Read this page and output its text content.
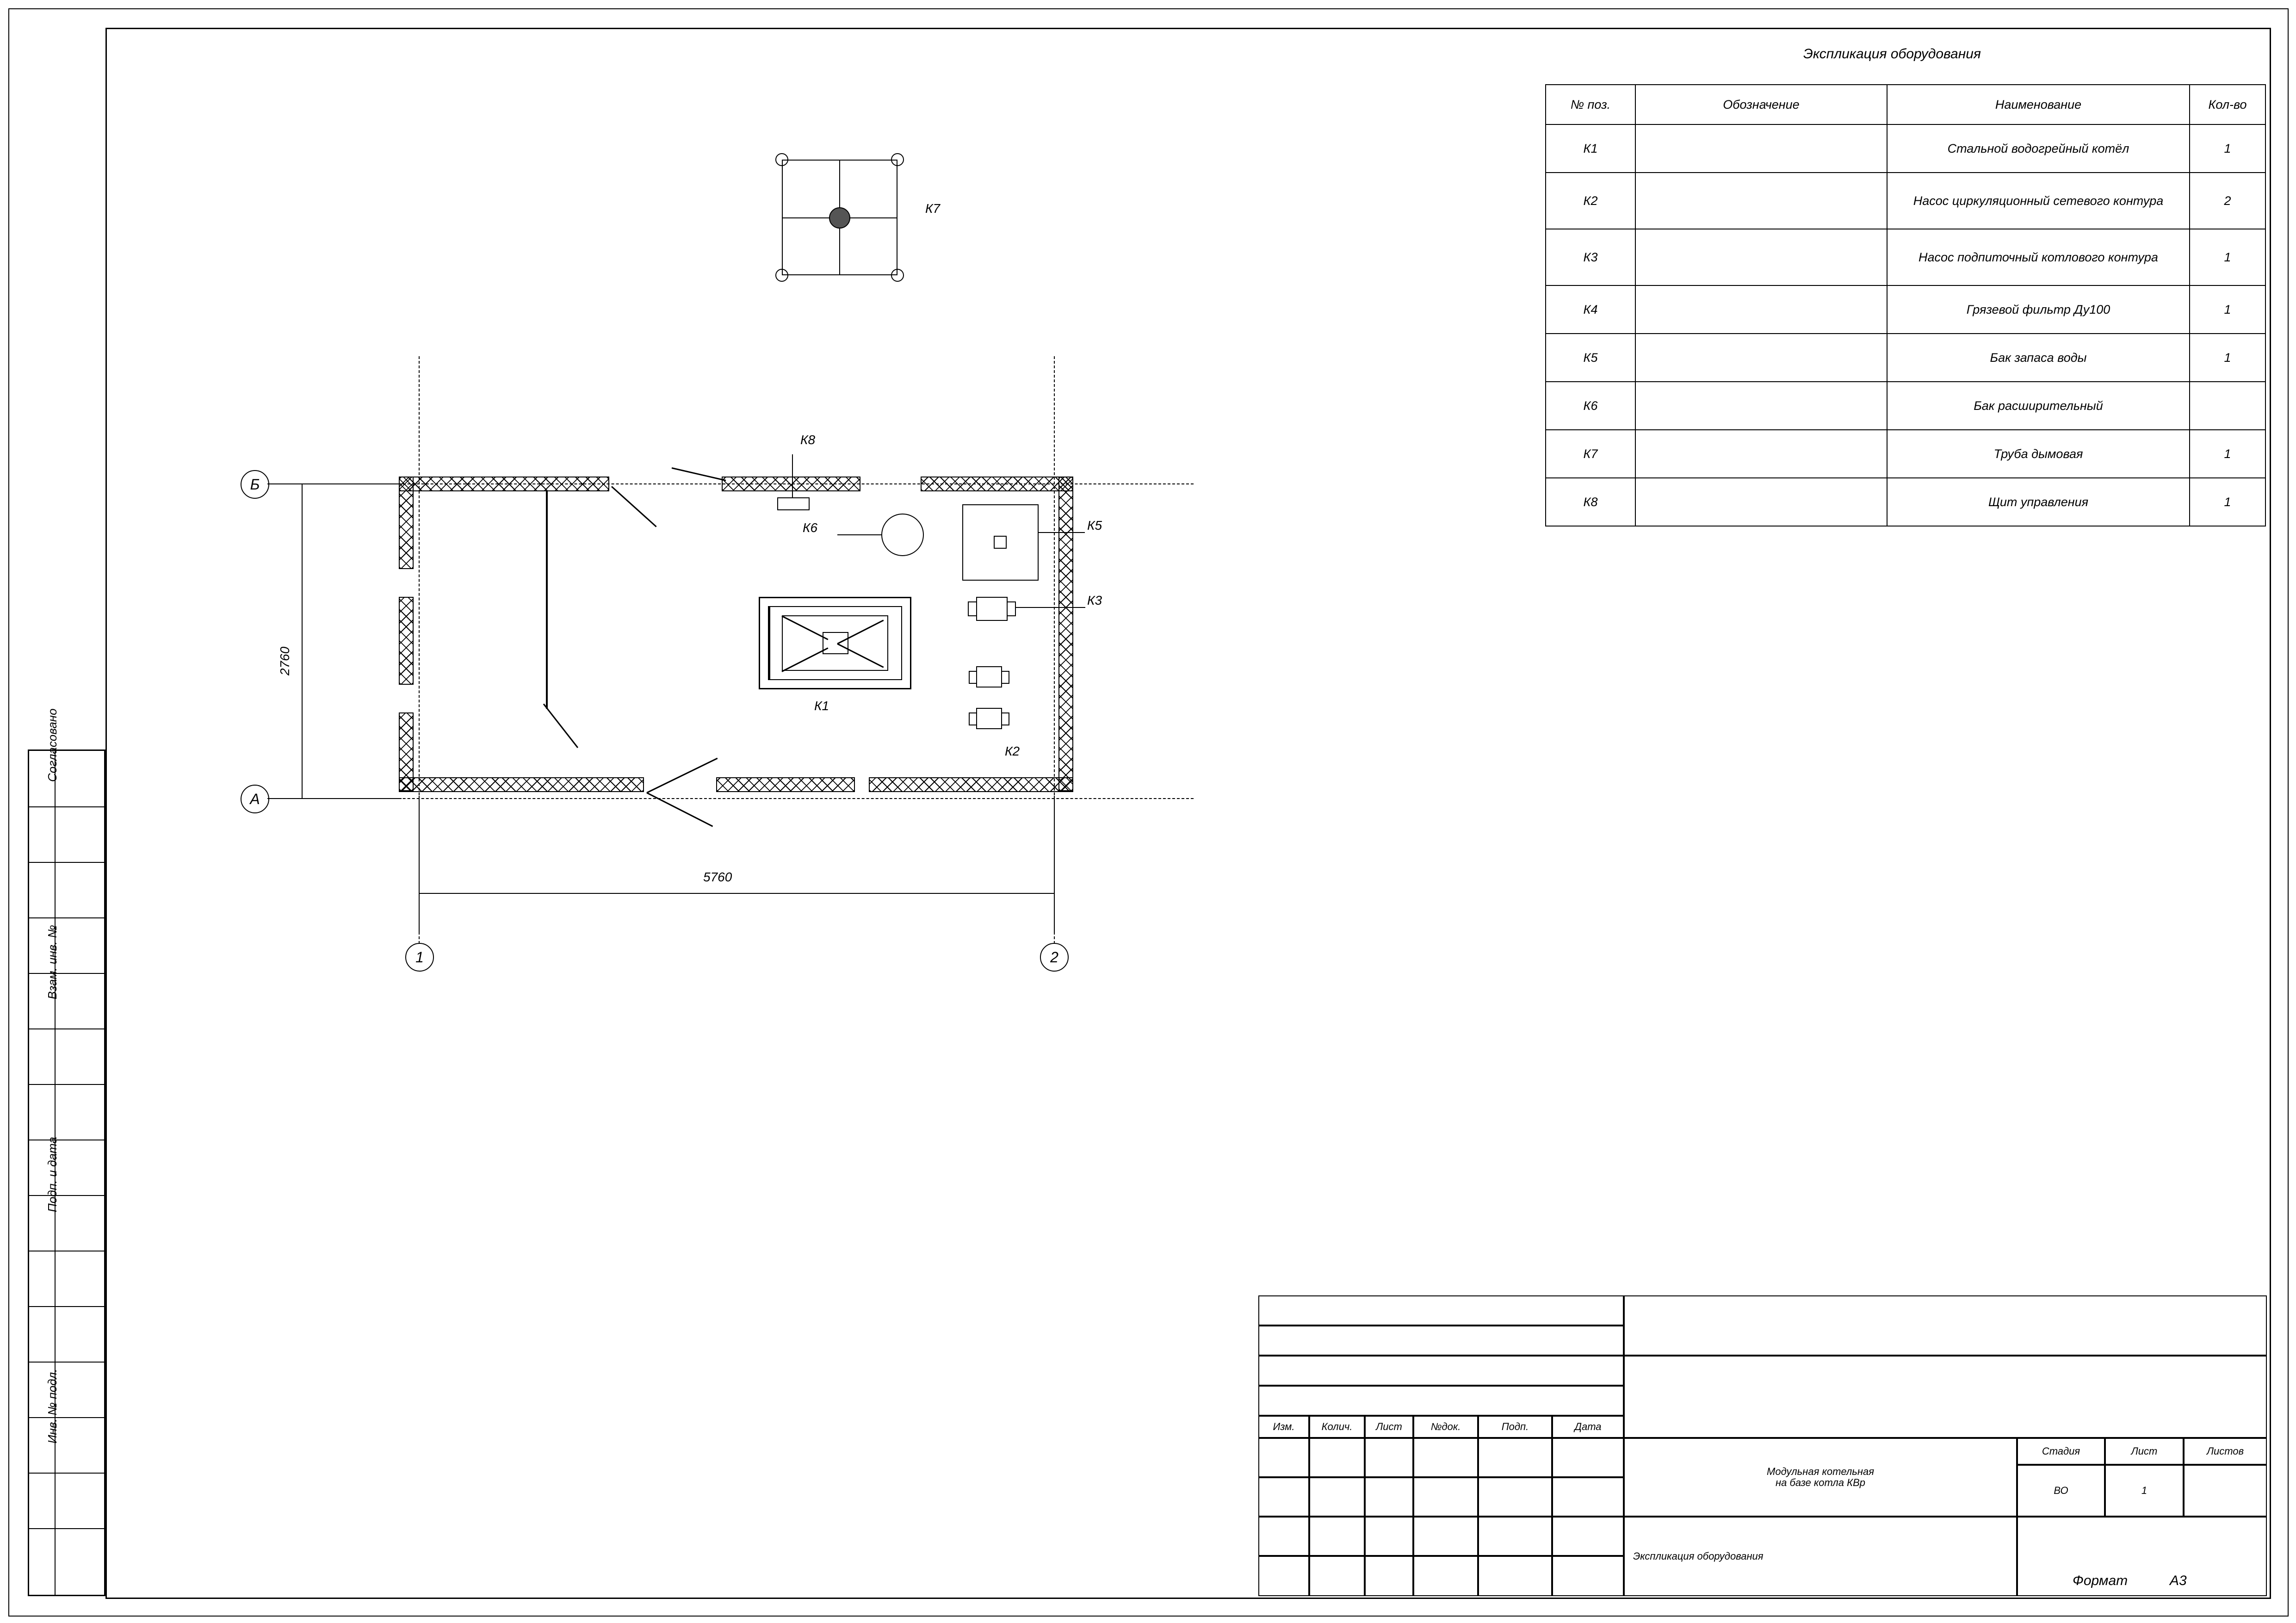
Согласовано
Взам. инв. №
Подп. и дата
Инв. № подл.
Экспликация оборудования
№ поз.	Обозначение	Наименование	Кол-во
К1		Стальной водогрейный котёл	1
К2		Насос циркуляционный сетевого контура	2
К3		Насос подпиточный котлового контура	1
К4		Грязевой фильтр Ду100	1
К5		Бак запаса воды	1
К6		Бак расширительный	
К7		Труба дымовая	1
К8		Щит управления	1
К7
К8
К6	К5
К1
К3
К2
Б
А
1	2
2760
5760
Изм.	Колич.	Лист	№док.	Подп.	Дата
Модульная котельная
на базе котла КВр
Стадия	Лист	Листов
ВО	1
Экспликация оборудования
Формат	A3
